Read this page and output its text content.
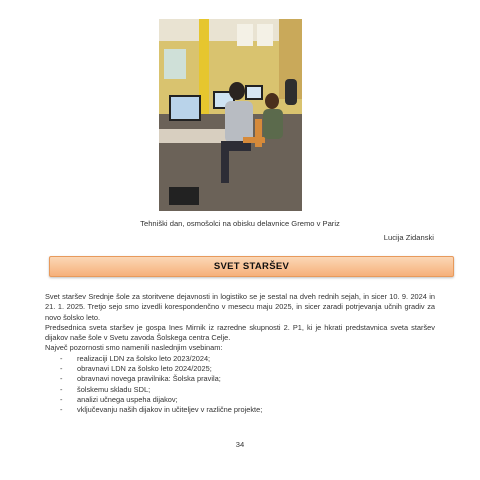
Tehniški dan, osmošolci na obisku delavnice Gremo v Pariz
Lucija Zidanski
SVET STARŠEV

Svet staršev Srednje šole za storitvene dejavnosti in logistiko se je sestal na dveh rednih sejah, in sicer 10. 9. 2024 in 21. 1. 2025. Tretjo sejo smo izvedli korespondenčno v mesecu maju 2025, in sicer zaradi potrjevanja učnih gradiv za novo šolsko leto.

Predsednica sveta staršev je gospa Ines Mirnik iz razredne skupnosti 2. P1, ki je hkrati predstavnica sveta staršev dijakov naše šole v Svetu zavoda Šolskega centra Celje.

Največ pozornosti smo namenili naslednjim vsebinam:

-	realizaciji LDN za šolsko leto 2023/2024;
-	obravnavi LDN za šolsko leto 2024/2025;
-	obravnavi novega pravilnika: Šolska pravila;
-	šolskemu skladu SDL;
-	analizi učnega uspeha dijakov;
-	vključevanju naših dijakov in učiteljev v različne projekte;
34
